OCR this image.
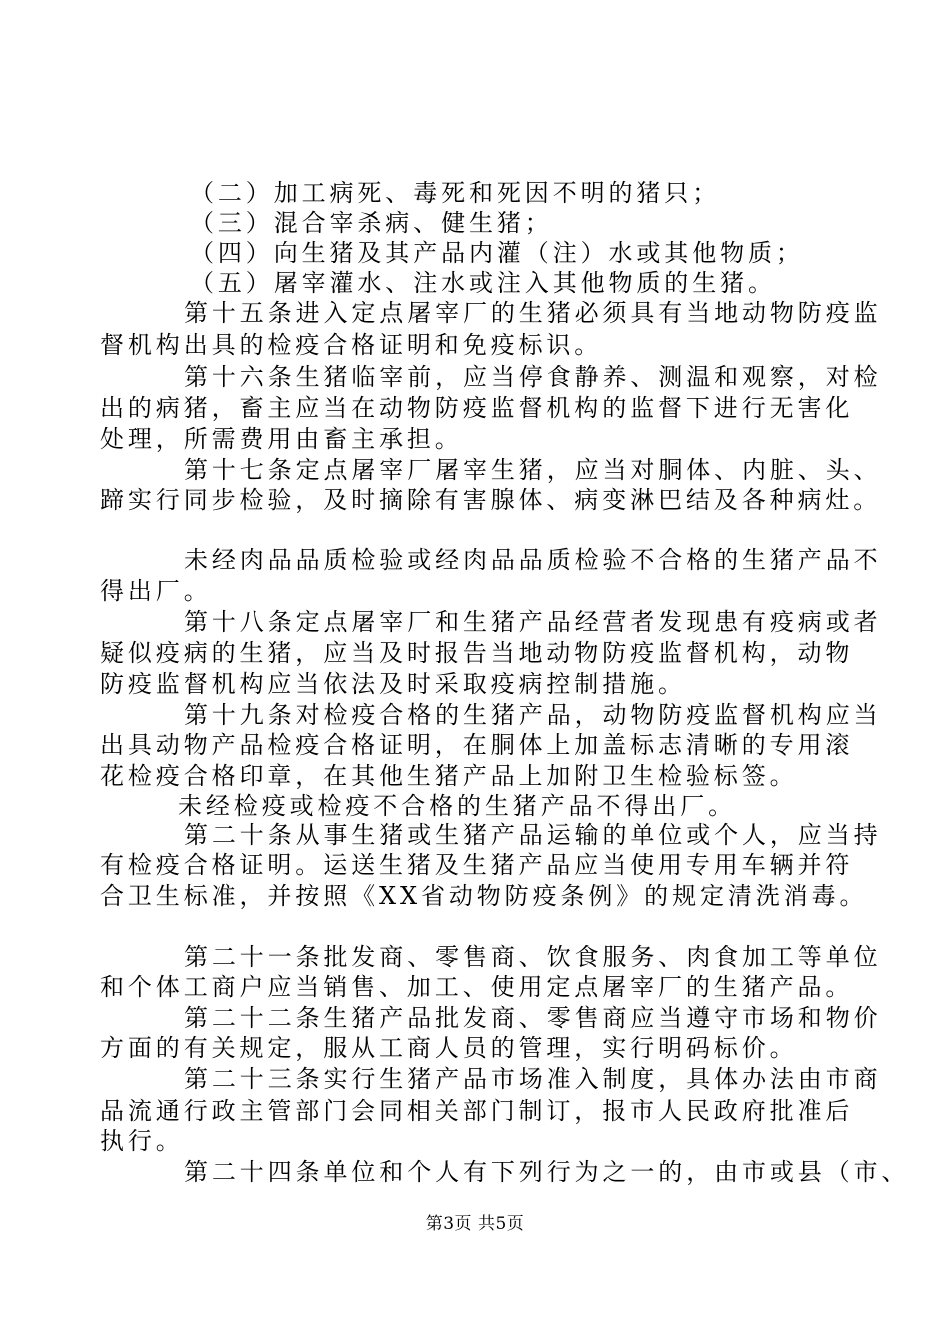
（二）加工病死、毒死和死因不明的猪只；
（三）混合宰杀病、健生猪；
（四）向生猪及其产品内灌（注）水或其他物质；
（五）屠宰灌水、注水或注入其他物质的生猪。
第十五条进入定点屠宰厂的生猪必须具有当地动物防疫监
督机构出具的检疫合格证明和免疫标识。
第十六条生猪临宰前，应当停食静养、测温和观察，对检
出的病猪，畜主应当在动物防疫监督机构的监督下进行无害化
处理，所需费用由畜主承担。
第十七条定点屠宰厂屠宰生猪，应当对胴体、内脏、头、
蹄实行同步检验，及时摘除有害腺体、病变淋巴结及各种病灶。
未经肉品品质检验或经肉品品质检验不合格的生猪产品不
得出厂。
第十八条定点屠宰厂和生猪产品经营者发现患有疫病或者
疑似疫病的生猪，应当及时报告当地动物防疫监督机构，动物
防疫监督机构应当依法及时采取疫病控制措施。
第十九条对检疫合格的生猪产品，动物防疫监督机构应当
出具动物产品检疫合格证明，在胴体上加盖标志清晰的专用滚
花检疫合格印章，在其他生猪产品上加附卫生检验标签。
未经检疫或检疫不合格的生猪产品不得出厂。
第二十条从事生猪或生猪产品运输的单位或个人，应当持
有检疫合格证明。运送生猪及生猪产品应当使用专用车辆并符
合卫生标准，并按照《XX省动物防疫条例》的规定清洗消毒。
第二十一条批发商、零售商、饮食服务、肉食加工等单位
和个体工商户应当销售、加工、使用定点屠宰厂的生猪产品。
第二十二条生猪产品批发商、零售商应当遵守市场和物价
方面的有关规定，服从工商人员的管理，实行明码标价。
第二十三条实行生猪产品市场准入制度，具体办法由市商
品流通行政主管部门会同相关部门制订，报市人民政府批准后
执行。
第二十四条单位和个人有下列行为之一的，由市或县（市、
第3页 共5页
